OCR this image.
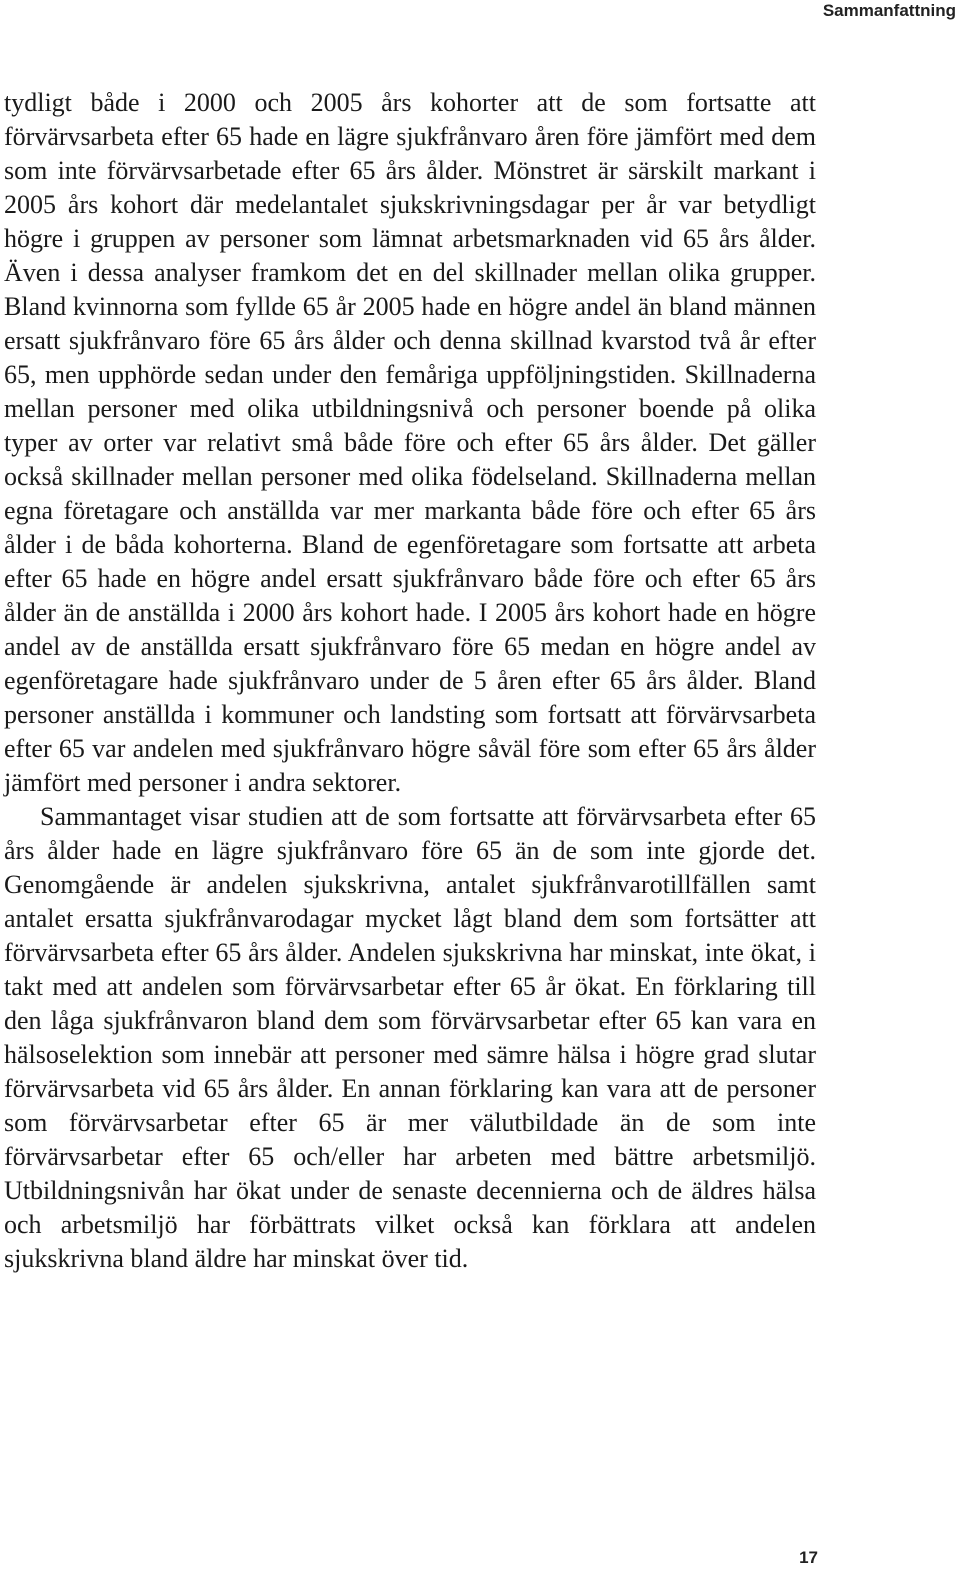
Sammanfattning

tydligt både i 2000 och 2005 års kohorter att de som fortsatte att förvärvsarbeta efter 65 hade en lägre sjukfrånvaro åren före jämfört med dem som inte förvärvsarbetade efter 65 års ålder. Mönstret är särskilt markant i 2005 års kohort där medelantalet sjukskrivningsdagar per år var betydligt högre i gruppen av personer som lämnat arbetsmarknaden vid 65 års ålder. Även i dessa analyser framkom det en del skillnader mellan olika grupper. Bland kvinnorna som fyllde 65 år 2005 hade en högre andel än bland männen ersatt sjukfrånvaro före 65 års ålder och denna skillnad kvarstod två år efter 65, men upphörde sedan under den femåriga uppföljningstiden. Skillnaderna mellan personer med olika utbildningsnivå och personer boende på olika typer av orter var relativt små både före och efter 65 års ålder. Det gäller också skillnader mellan personer med olika födelseland. Skillnaderna mellan egna företagare och anställda var mer markanta både före och efter 65 års ålder i de båda kohorterna. Bland de egenföretagare som fortsatte att arbeta efter 65 hade en högre andel ersatt sjukfrånvaro både före och efter 65 års ålder än de anställda i 2000 års kohort hade. I 2005 års kohort hade en högre andel av de anställda ersatt sjukfrånvaro före 65 medan en högre andel av egenföretagare hade sjukfrånvaro under de 5 åren efter 65 års ålder. Bland personer anställda i kommuner och landsting som fortsatt att förvärvsarbeta efter 65 var andelen med sjukfrånvaro högre såväl före som efter 65 års ålder jämfört med personer i andra sektorer.

Sammantaget visar studien att de som fortsatte att förvärvsarbeta efter 65 års ålder hade en lägre sjukfrånvaro före 65 än de som inte gjorde det. Genomgående är andelen sjukskrivna, antalet sjukfrånvarotillfällen samt antalet ersatta sjukfrånvarodagar mycket lågt bland dem som fortsätter att förvärvsarbeta efter 65 års ålder. Andelen sjukskrivna har minskat, inte ökat, i takt med att andelen som förvärvsarbetar efter 65 år ökat. En förklaring till den låga sjukfrånvaron bland dem som förvärvsarbetar efter 65 kan vara en hälsoselektion som innebär att personer med sämre hälsa i högre grad slutar förvärvsarbeta vid 65 års ålder. En annan förklaring kan vara att de personer som förvärvsarbetar efter 65 är mer välutbildade än de som inte förvärvsarbetar efter 65 och/eller har arbeten med bättre arbetsmiljö. Utbildningsnivån har ökat under de senaste decennierna och de äldres hälsa och arbetsmiljö har förbättrats vilket också kan förklara att andelen sjukskrivna bland äldre har minskat över tid.

17
